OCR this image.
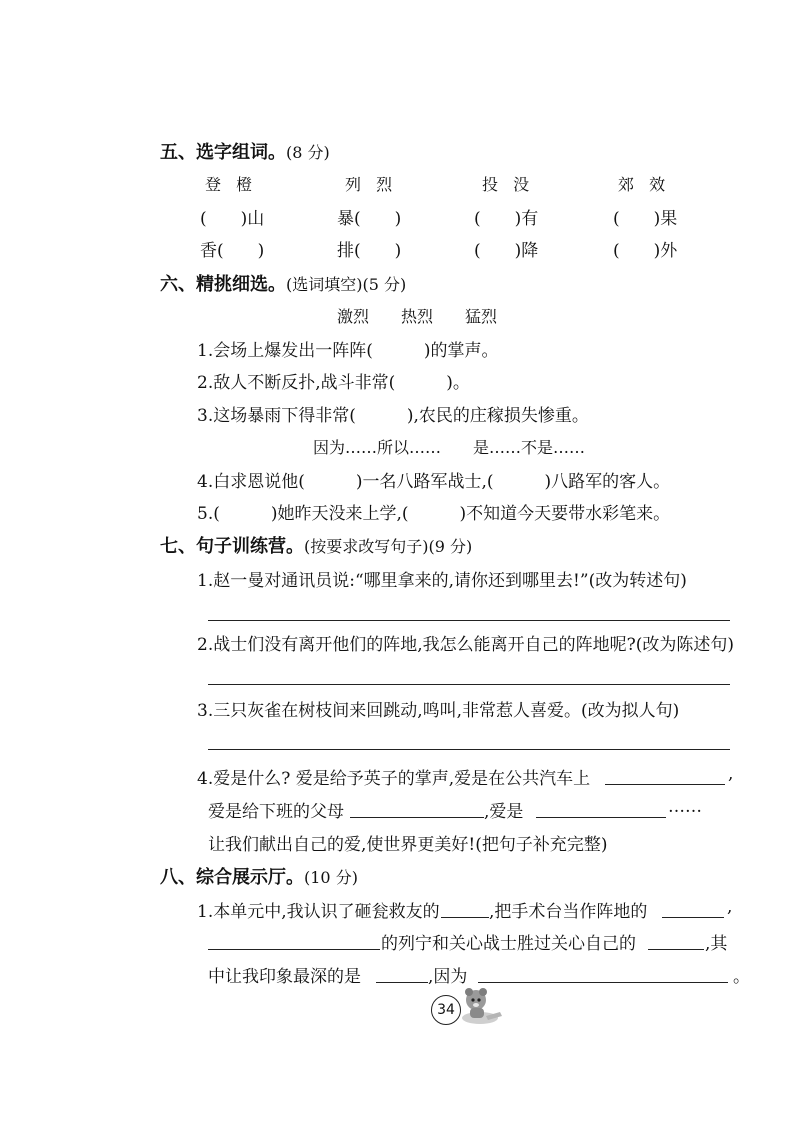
五、选字组词。(8 分)
登 橙	列 烈	投 没	郊 效
(　　)山	暴(　　)	(　　)有	(　　)果
香(　　)	排(　　)	(　　)降	(　　)外
六、精挑细选。(选词填空)(5 分)
激烈　　热烈　　猛烈
1.会场上爆发出一阵阵(　　　)的掌声。
2.敌人不断反扑,战斗非常(　　　)。
3.这场暴雨下得非常(　　　),农民的庄稼损失惨重。
因为……所以……　　是……不是……
4.白求恩说他(　　　)一名八路军战士,(　　　)八路军的客人。
5.(　　　)她昨天没来上学,(　　　)不知道今天要带水彩笔来。
七、句子训练营。(按要求改写句子)(9 分)
1.赵一曼对通讯员说:“哪里拿来的,请你还到哪里去!”(改为转述句)
2.战士们没有离开他们的阵地,我怎么能离开自己的阵地呢?(改为陈述句)
3.三只灰雀在树枝间来回跳动,鸣叫,非常惹人喜爱。(改为拟人句)
4.爱是什么? 爱是给予英子的掌声,爱是在公共汽车上	,
爱是给下班的父母	,爱是	……
让我们献出自己的爱,使世界更美好!(把句子补充完整)
八、综合展示厅。(10 分)
1.本单元中,我认识了砸瓮救友的	,把手术台当作阵地的	,
的列宁和关心战士胜过关心自己的	,其
中让我印象最深的是	,因为	。
34
